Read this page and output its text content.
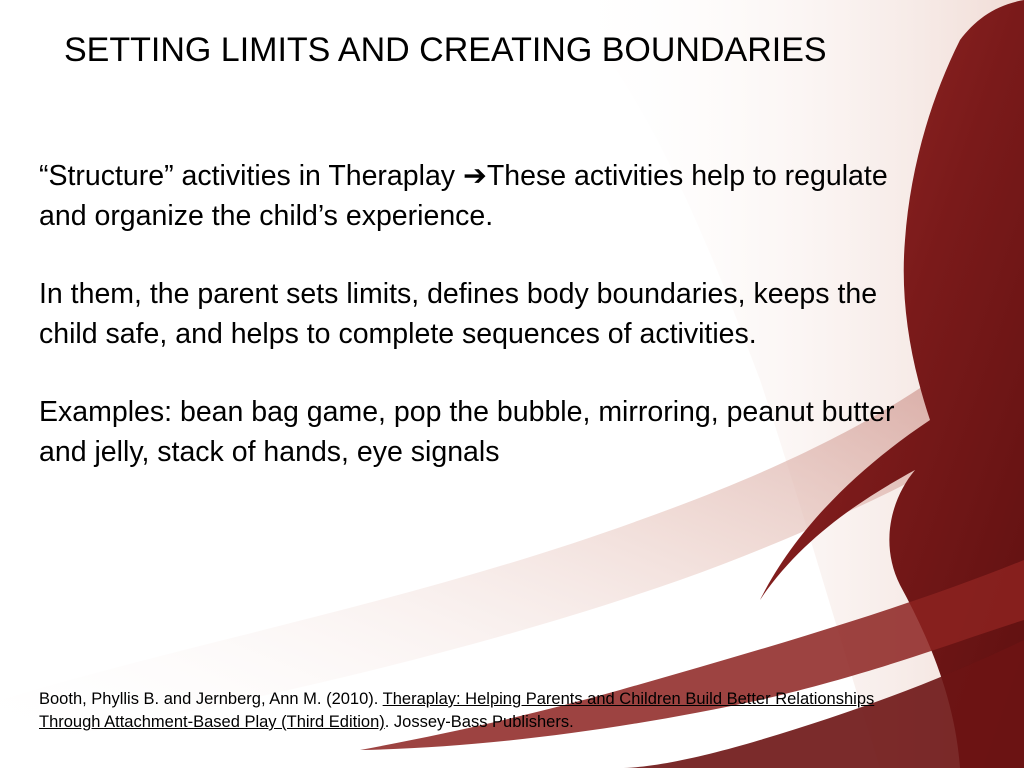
SETTING LIMITS AND CREATING BOUNDARIES

“Structure” activities in Theraplay ➔These activities help to regulate and organize the child’s experience.

In them, the parent sets limits, defines body boundaries, keeps the child safe, and helps to complete sequences of activities.

Examples: bean bag game, pop the bubble, mirroring, peanut butter and jelly, stack of hands, eye signals

Booth, Phyllis B. and Jernberg, Ann M. (2010). Theraplay: Helping Parents and Children Build Better Relationships Through Attachment-Based Play (Third Edition). Jossey-Bass Publishers.
